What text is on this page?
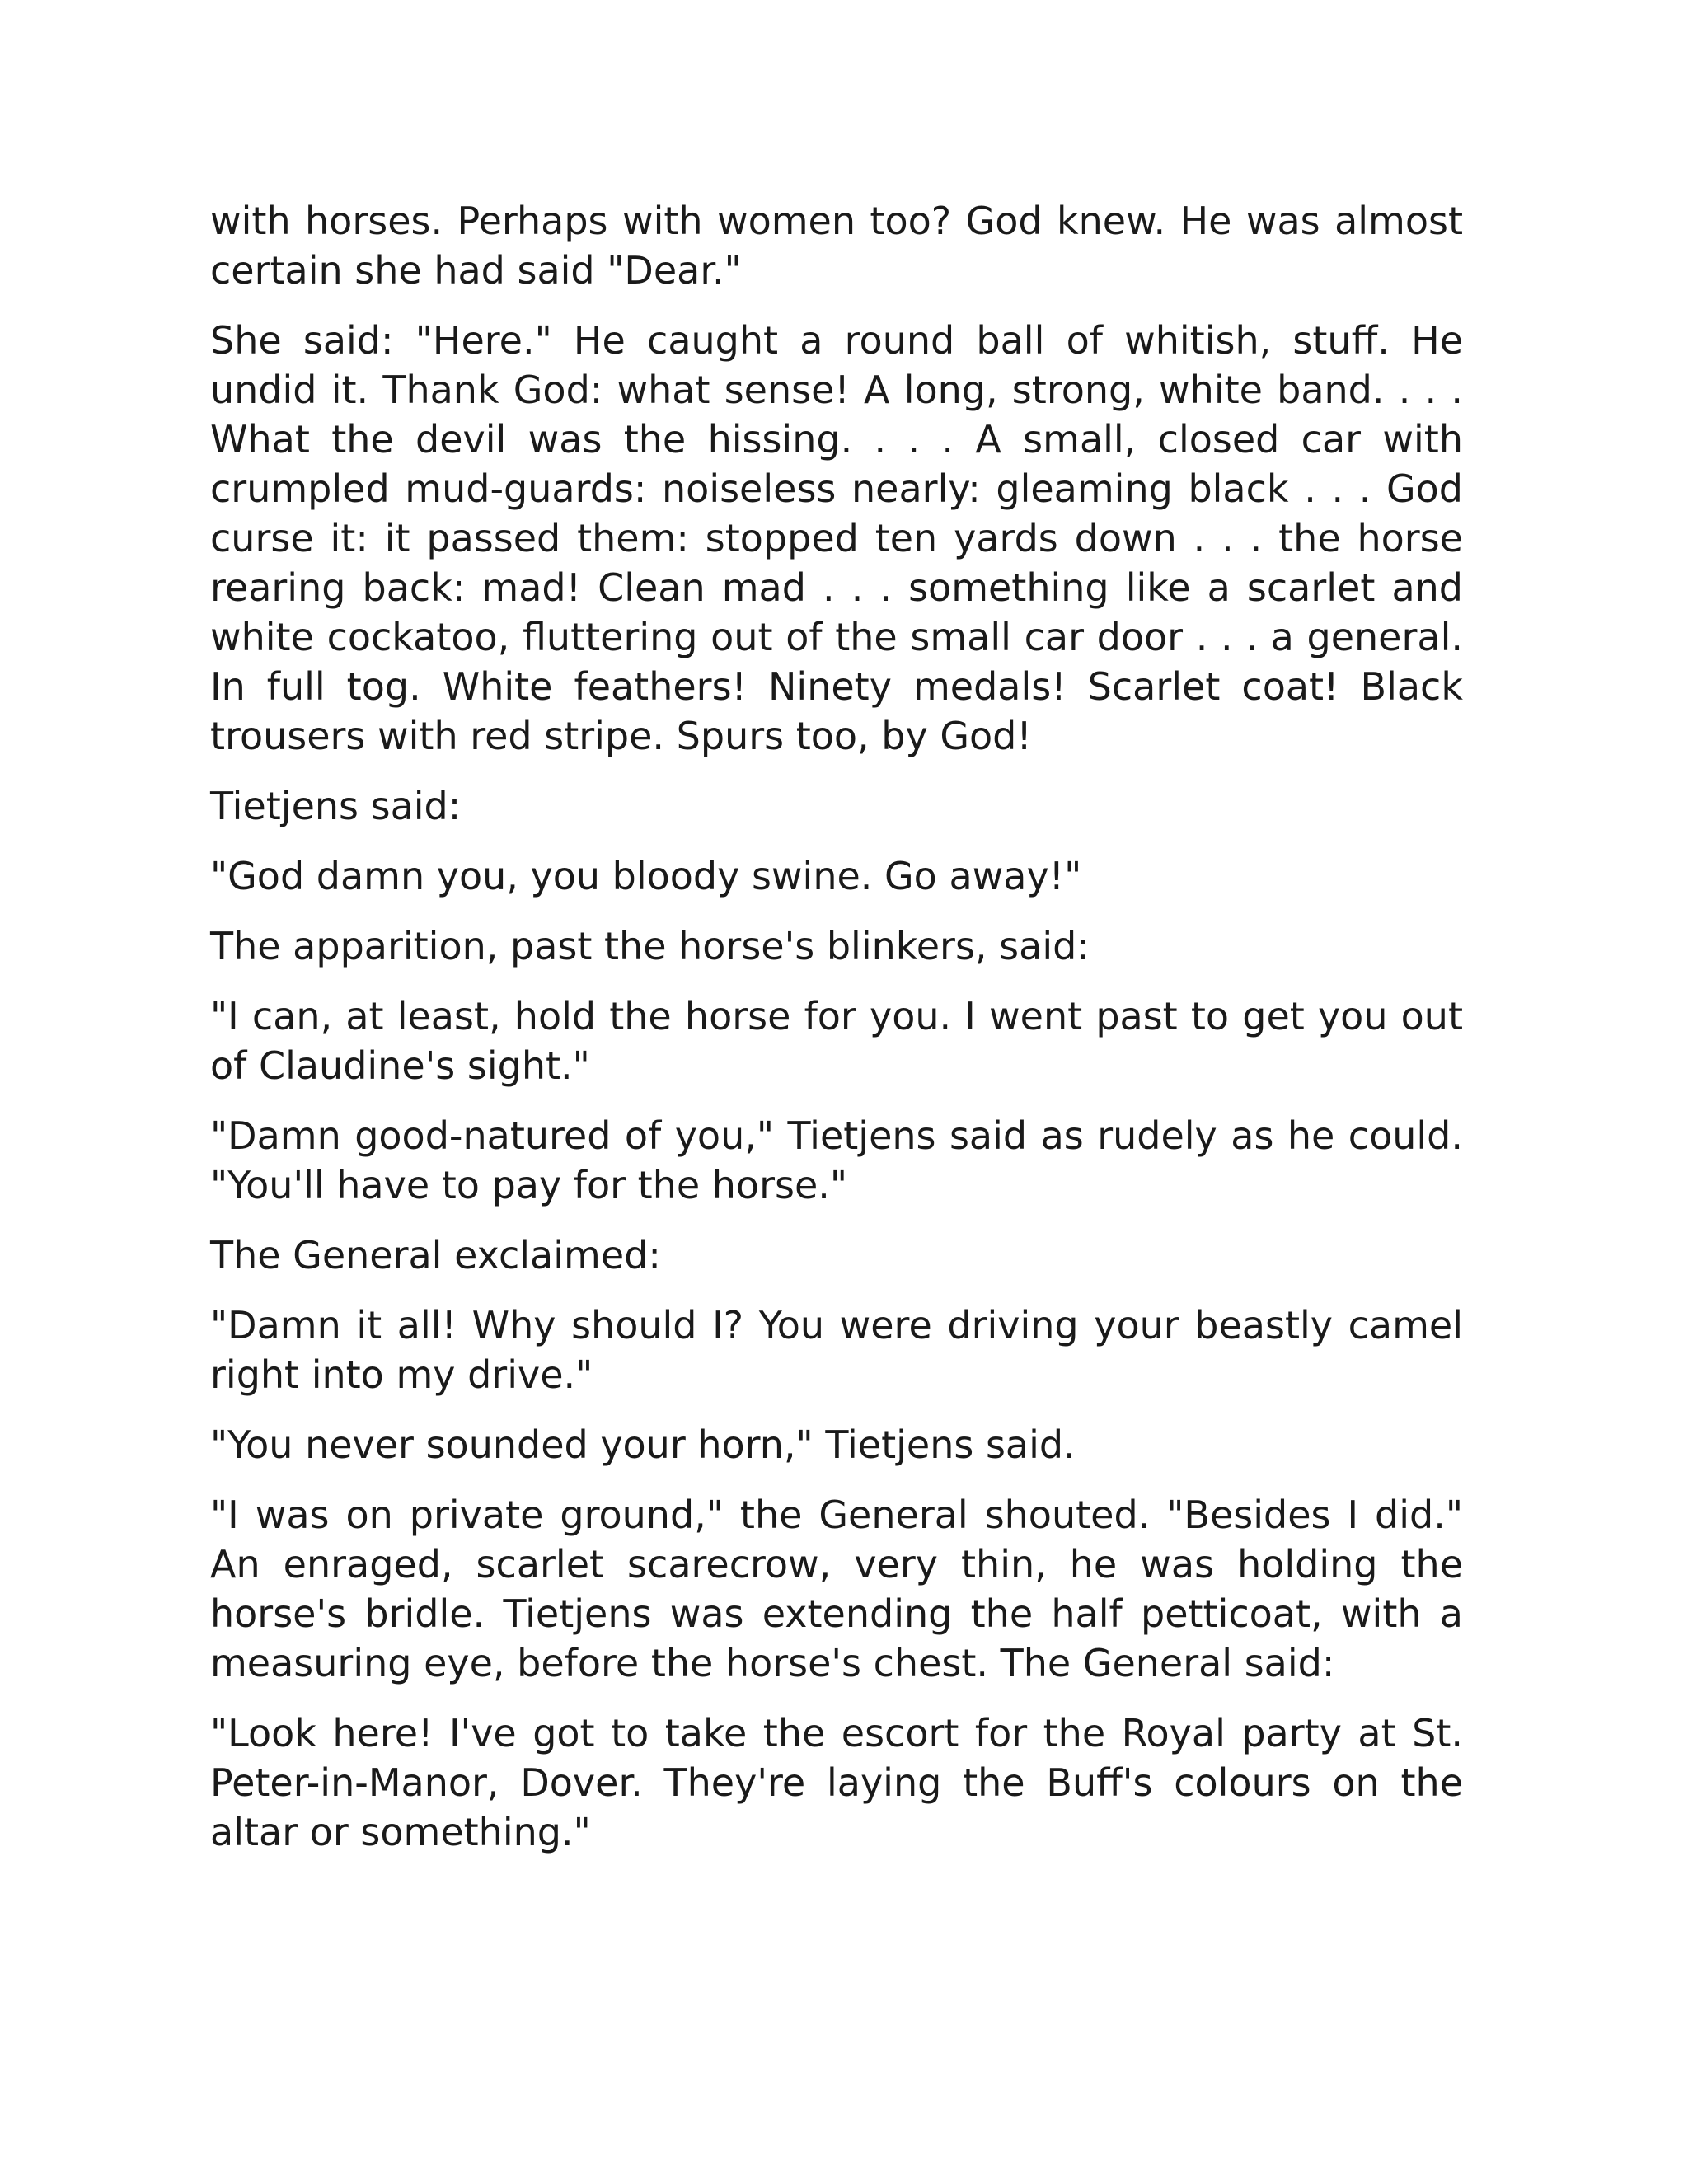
with horses. Perhaps with women too? God knew. He was almost certain she had said "Dear."

She said: "Here." He caught a round ball of whitish, stuff. He undid it. Thank God: what sense! A long, strong, white band. . . . What the devil was the hissing. . . . A small, closed car with crumpled mud-guards: noiseless nearly: gleaming black . . . God curse it: it passed them: stopped ten yards down . . . the horse rearing back: mad! Clean mad . . . something like a scarlet and white cockatoo, fluttering out of the small car door . . . a general. In full tog. White feathers! Ninety medals! Scarlet coat! Black trousers with red stripe. Spurs too, by God!

Tietjens said:

"God damn you, you bloody swine. Go away!"

The apparition, past the horse's blinkers, said:

"I can, at least, hold the horse for you. I went past to get you out of Claudine's sight."

"Damn good-natured of you," Tietjens said as rudely as he could. "You'll have to pay for the horse."

The General exclaimed:

"Damn it all! Why should I? You were driving your beastly camel right into my drive."

"You never sounded your horn," Tietjens said.

"I was on private ground," the General shouted. "Besides I did." An enraged, scarlet scarecrow, very thin, he was holding the horse's bridle. Tietjens was extending the half petticoat, with a measuring eye, before the horse's chest. The General said:

"Look here! I've got to take the escort for the Royal party at St. Peter-in-Manor, Dover. They're laying the Buff's colours on the altar or something."
